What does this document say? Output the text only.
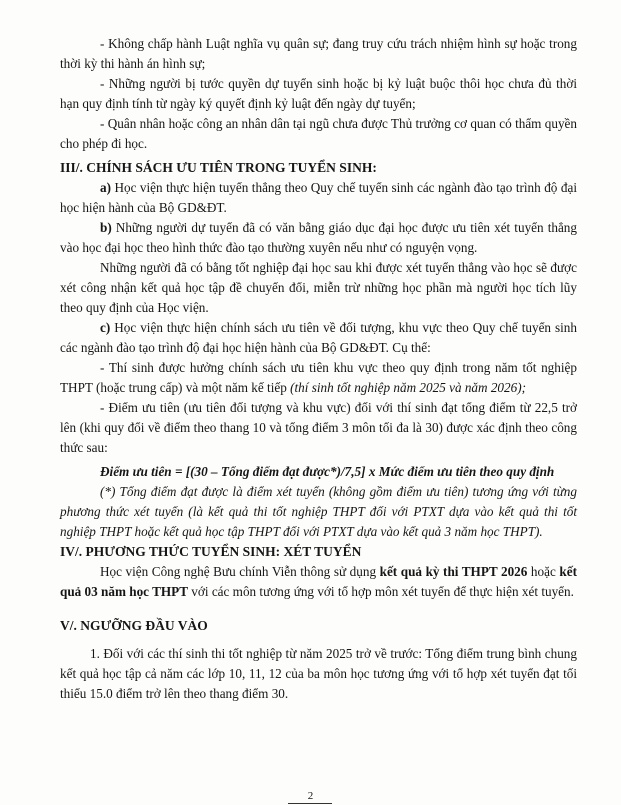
- Không chấp hành Luật nghĩa vụ quân sự; đang truy cứu trách nhiệm hình sự hoặc trong thời kỳ thi hành án hình sự;

- Những người bị tước quyền dự tuyển sinh hoặc bị kỷ luật buộc thôi học chưa đủ thời hạn quy định tính từ ngày ký quyết định kỷ luật đến ngày dự tuyển;

- Quân nhân hoặc công an nhân dân tại ngũ chưa được Thủ trưởng cơ quan có thẩm quyền cho phép đi học.

III/. CHÍNH SÁCH ƯU TIÊN TRONG TUYỂN SINH:

a) Học viện thực hiện tuyển thẳng theo Quy chế tuyển sinh các ngành đào tạo trình độ đại học hiện hành của Bộ GD&ĐT.

b) Những người dự tuyển đã có văn bằng giáo dục đại học được ưu tiên xét tuyển thẳng vào học đại học theo hình thức đào tạo thường xuyên nếu như có nguyện vọng.

Những người đã có bằng tốt nghiệp đại học sau khi được xét tuyển thẳng vào học sẽ được xét công nhận kết quả học tập đề chuyển đổi, miễn trừ những học phần mà người học tích lũy theo quy định của Học viện.

c) Học viện thực hiện chính sách ưu tiên về đối tượng, khu vực theo Quy chế tuyển sinh các ngành đào tạo trình độ đại học hiện hành của Bộ GD&ĐT. Cụ thể:

- Thí sinh được hưởng chính sách ưu tiên khu vực theo quy định trong năm tốt nghiệp THPT (hoặc trung cấp) và một năm kế tiếp (thí sinh tốt nghiệp năm 2025 và năm 2026);

- Điểm ưu tiên (ưu tiên đối tượng và khu vực) đối với thí sinh đạt tổng điểm từ 22,5 trở lên (khi quy đổi về điểm theo thang 10 và tổng điểm 3 môn tối đa là 30) được xác định theo công thức sau:

Điểm ưu tiên = [(30 – Tổng điểm đạt được*)/7,5] x Mức điểm ưu tiên theo quy định

(*) Tổng điểm đạt được là điểm xét tuyển (không gồm điểm ưu tiên) tương ứng với từng phương thức xét tuyển (là kết quả thi tốt nghiệp THPT đối với PTXT dựa vào kết quả thi tốt nghiệp THPT hoặc kết quả học tập THPT đối với PTXT dựa vào kết quả 3 năm học THPT).

IV/. PHƯƠNG THỨC TUYỂN SINH: XÉT TUYỂN

Học viện Công nghệ Bưu chính Viễn thông sử dụng kết quả kỳ thi THPT 2026 hoặc kết quả 03 năm học THPT với các môn tương ứng với tổ hợp môn xét tuyển để thực hiện xét tuyển.

V/. NGƯỠNG ĐẦU VÀO

1. Đối với các thí sinh thi tốt nghiệp từ năm 2025 trở về trước: Tổng điểm trung bình chung kết quả học tập cả năm các lớp 10, 11, 12 của ba môn học tương ứng với tổ hợp xét tuyển đạt tối thiểu 15.0 điểm trở lên theo thang điểm 30.

2
